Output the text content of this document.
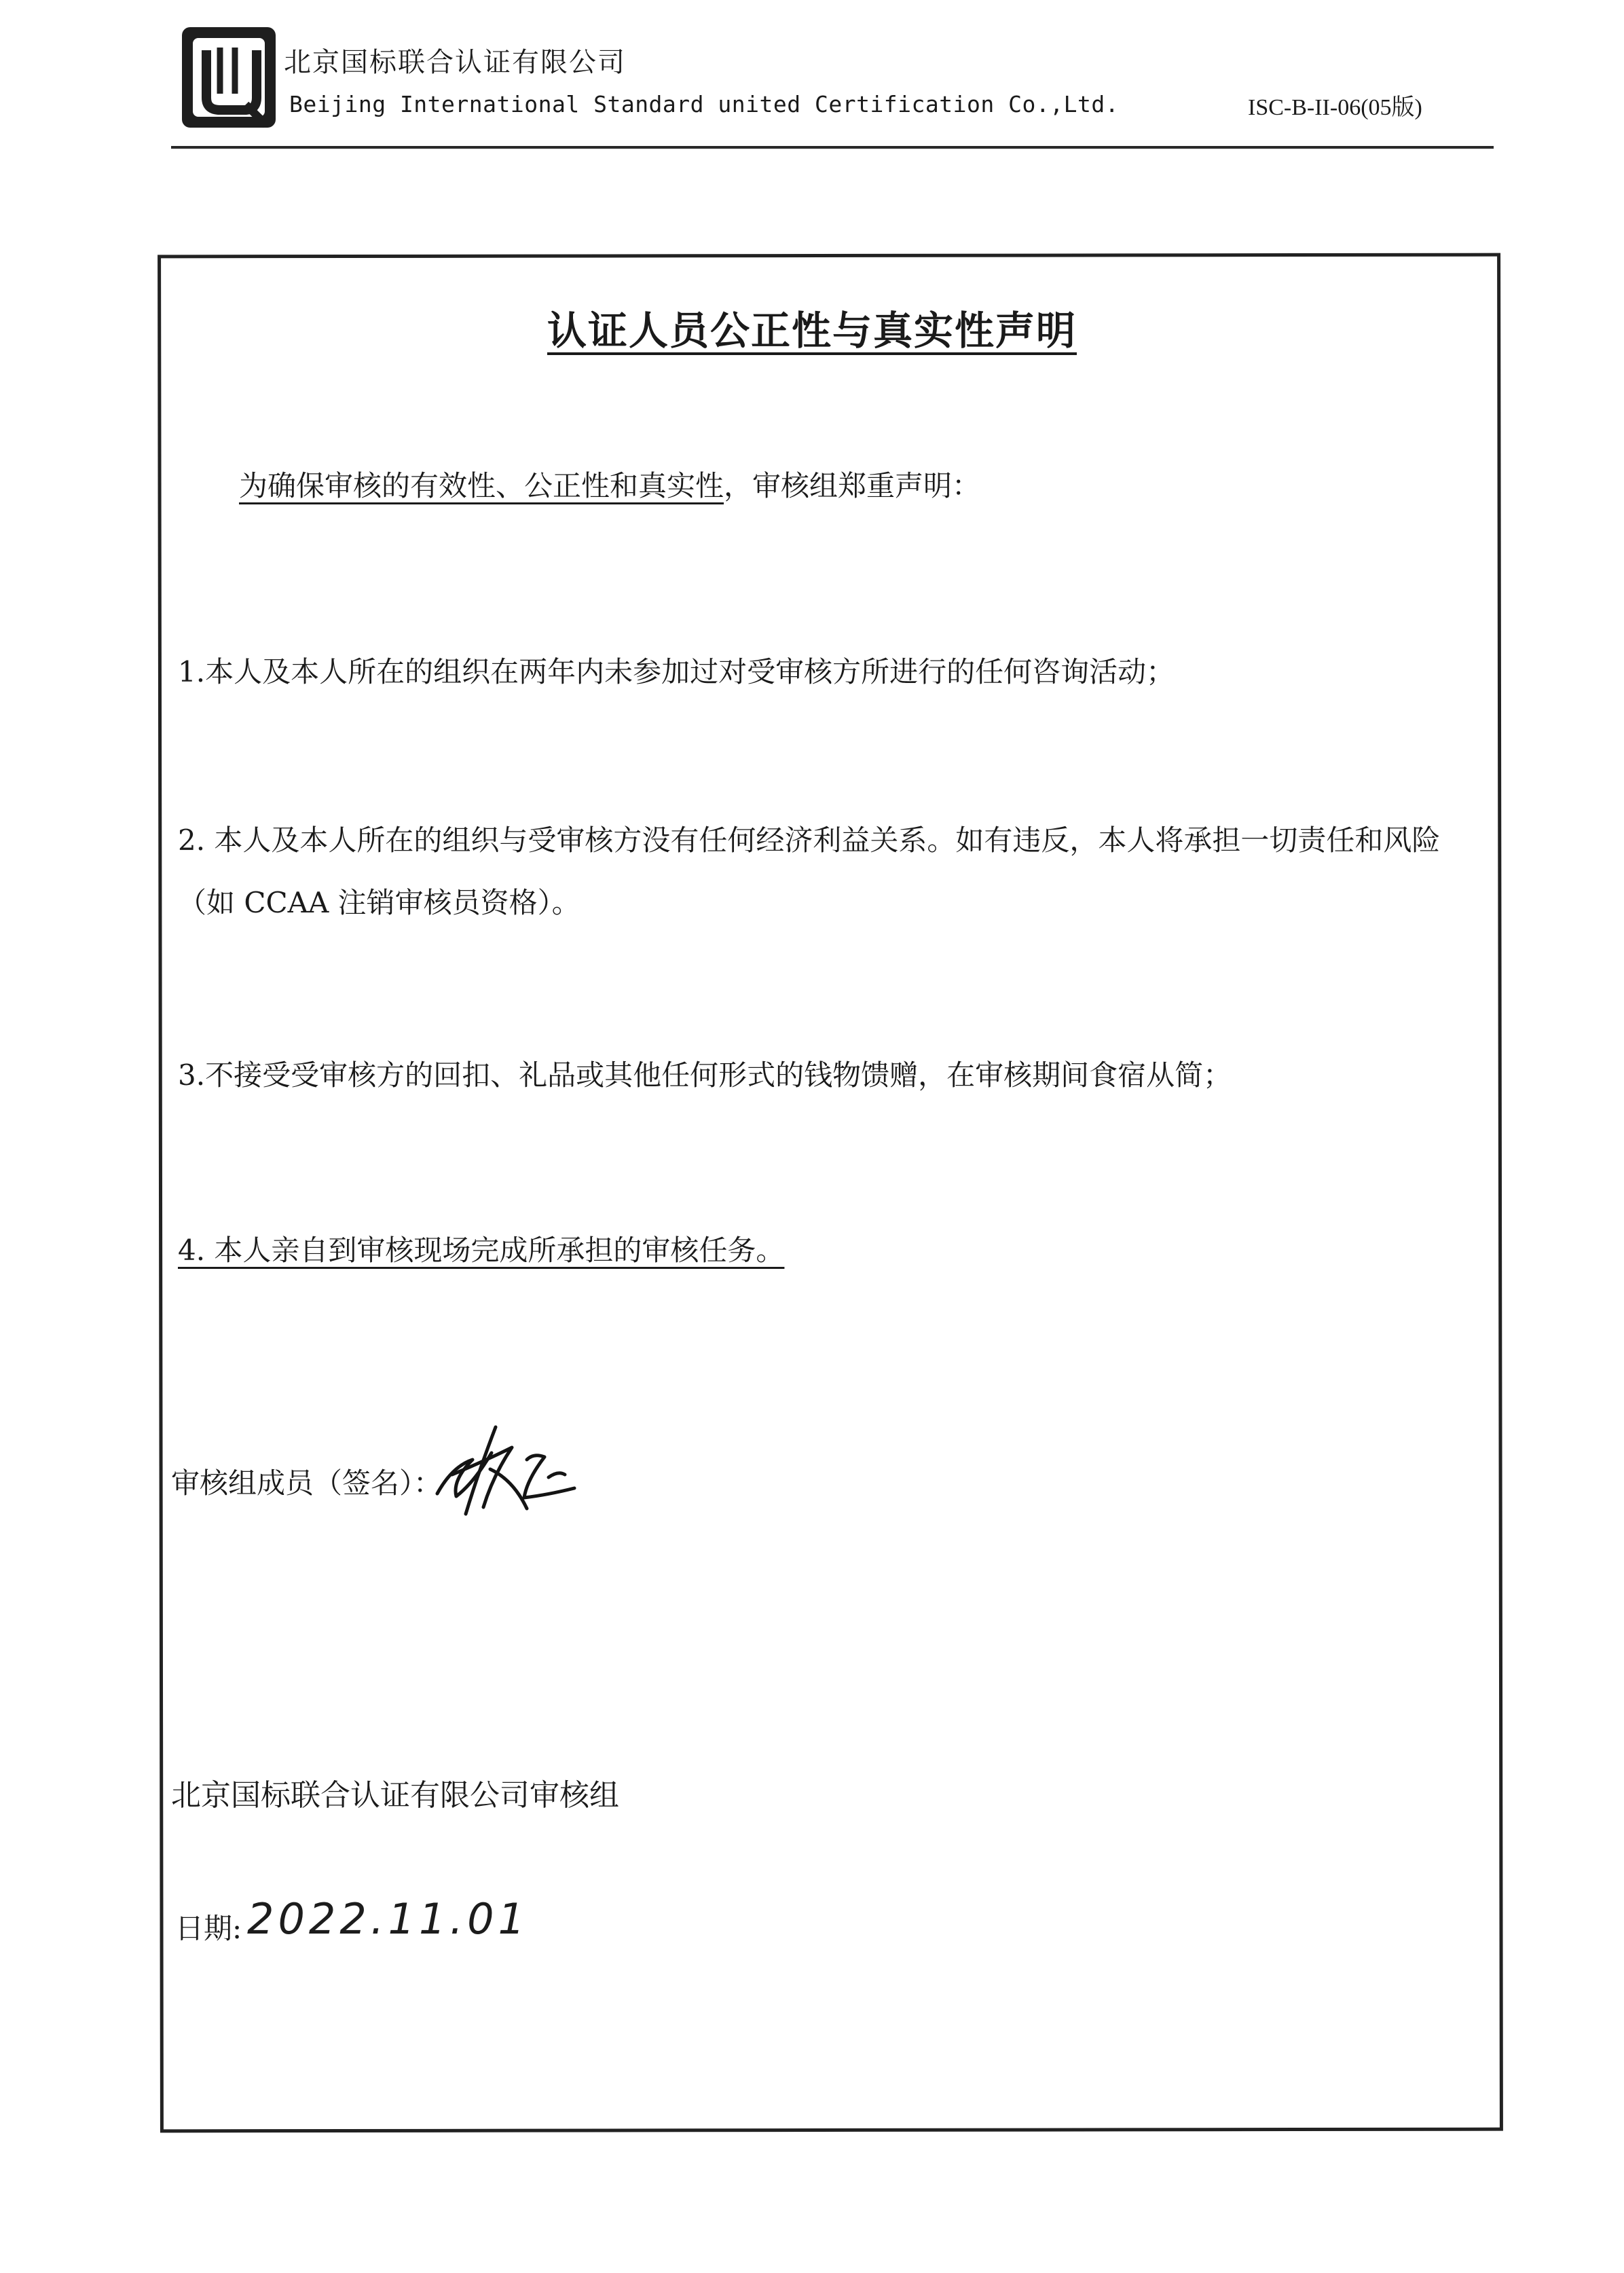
北京国标联合认证有限公司
Beijing International Standard united Certification Co.,Ltd.	ISC-B-II-06(05版)
认证人员公正性与真实性声明
为确保审核的有效性、公正性和真实性，审核组郑重声明：
1.本人及本人所在的组织在两年内未参加过对受审核方所进行的任何咨询活动；
2. 本人及本人所在的组织与受审核方没有任何经济利益关系。如有违反，本人将承担一切责任和风险（如 CCAA 注销审核员资格）。
3.不接受受审核方的回扣、礼品或其他任何形式的钱物馈赠，在审核期间食宿从简；
4. 本人亲自到审核现场完成所承担的审核任务。
审核组成员（签名）：
北京国标联合认证有限公司审核组
日期: 2022.11.01
